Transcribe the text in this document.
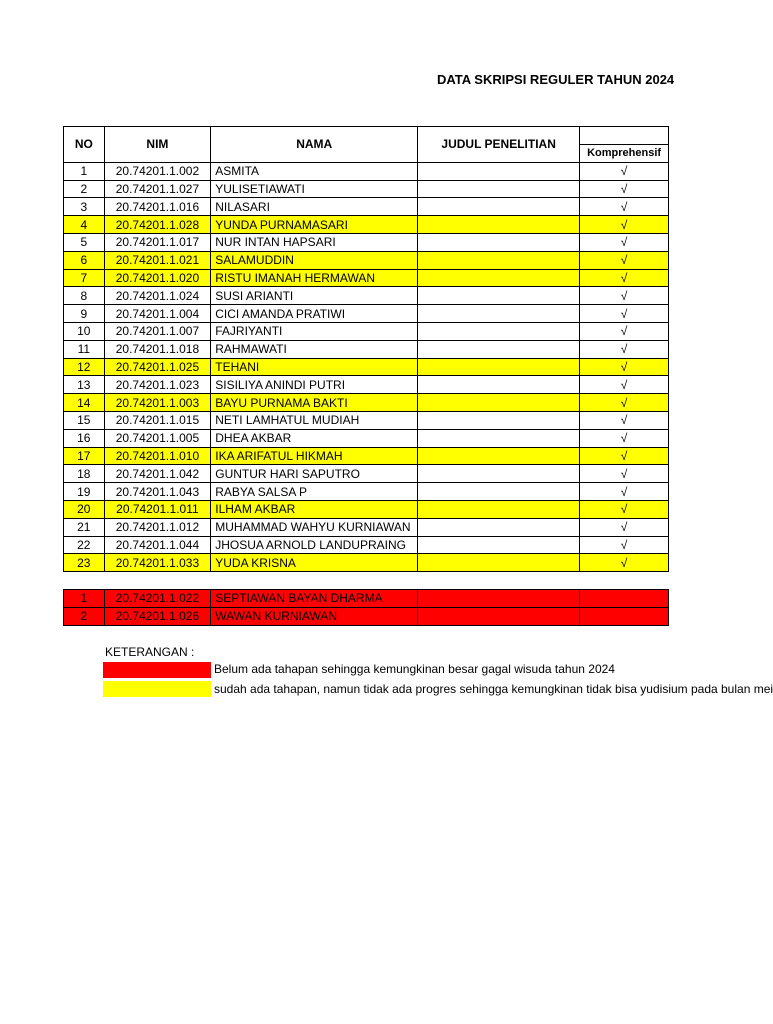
DATA SKRIPSI REGULER TAHUN 2024
NO	NIM	NAMA	JUDUL PENELITIAN	
				Komprehensif
1	20.74201.1.002	ASMITA		√
2	20.74201.1.027	YULISETIAWATI		√
3	20.74201.1.016	NILASARI		√
4	20.74201.1.028	YUNDA PURNAMASARI		√
5	20.74201.1.017	NUR INTAN HAPSARI		√
6	20.74201.1.021	SALAMUDDIN		√
7	20.74201.1.020	RISTU IMANAH HERMAWAN		√
8	20.74201.1.024	SUSI ARIANTI		√
9	20.74201.1.004	CICI AMANDA PRATIWI		√
10	20.74201.1.007	FAJRIYANTI		√
11	20.74201.1.018	RAHMAWATI		√
12	20.74201.1.025	TEHANI		√
13	20.74201.1.023	SISILIYA ANINDI PUTRI		√
14	20.74201.1.003	BAYU PURNAMA BAKTI		√
15	20.74201.1.015	NETI LAMHATUL MUDIAH		√
16	20.74201.1.005	DHEA AKBAR		√
17	20.74201.1.010	IKA ARIFATUL HIKMAH		√
18	20.74201.1.042	GUNTUR HARI SAPUTRO		√
19	20.74201.1.043	RABYA SALSA P		√
20	20.74201.1.011	ILHAM AKBAR		√
21	20.74201.1.012	MUHAMMAD WAHYU KURNIAWAN		√
22	20.74201.1.044	JHOSUA ARNOLD LANDUPRAING		√
23	20.74201.1.033	YUDA KRISNA		√

1	20.74201.1.022	SEPTIAWAN BAYAN DHARMA		
2	20.74201.1.026	WAWAN KURNIAWAN		
KETERANGAN :
Belum ada tahapan sehingga kemungkinan besar gagal wisuda tahun 2024
sudah ada tahapan, namun tidak ada progres sehingga kemungkinan tidak bisa yudisium pada bulan mei
